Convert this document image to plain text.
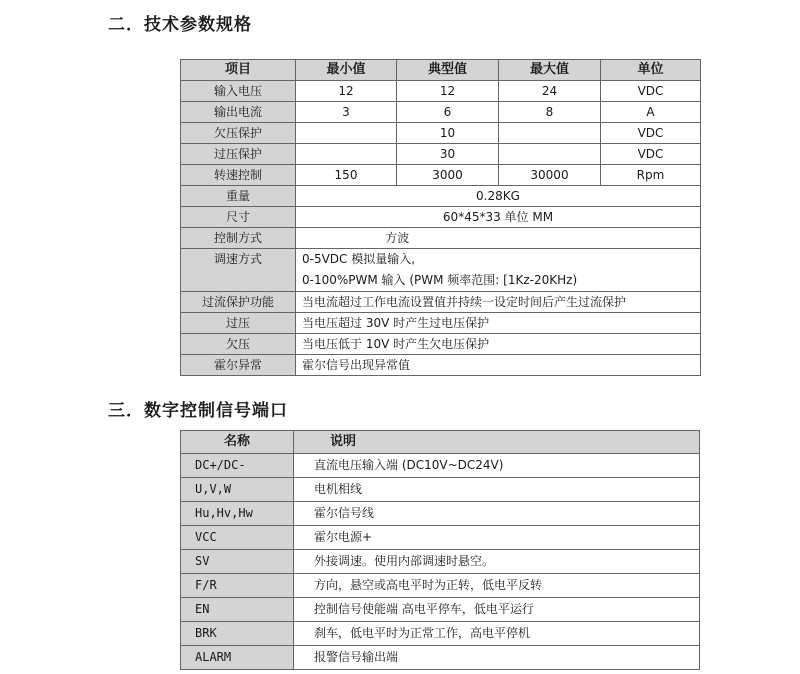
二．技术参数规格
项目	最小值	典型值	最大值	单位
输入电压	12	12	24	VDC
输出电流	3	6	8	A
欠压保护		10		VDC
过压保护		30		VDC
转速控制	150	3000	30000	Rpm
重量	0.28KG			
尺寸	60*45*33 单位 MM			
控制方式	方波			
调速方式	0-5VDC 模拟量输入,
0-100%PWM 输入 (PWM 频率范围: [1Kz-20KHz)			

过流保护功能	当电流超过工作电流设置值并持续一设定时间后产生过流保护			
过压	当电压超过 30V 时产生过电压保护			
欠压	当电压低于 10V 时产生欠电压保护			
霍尔异常	霍尔信号出现异常值			
三．数字控制信号端口
名称	说明
DC+/DC-	直流电压输入端 (DC10V~DC24V)
U,V,W	电机相线
Hu,Hv,Hw	霍尔信号线
VCC	霍尔电源+
SV	外接调速。使用内部调速时悬空。
F/R	方向，悬空或高电平时为正转，低电平反转
EN	控制信号使能端 高电平停车，低电平运行
BRK	刹车，低电平时为正常工作，高电平停机
ALARM	报警信号输出端
